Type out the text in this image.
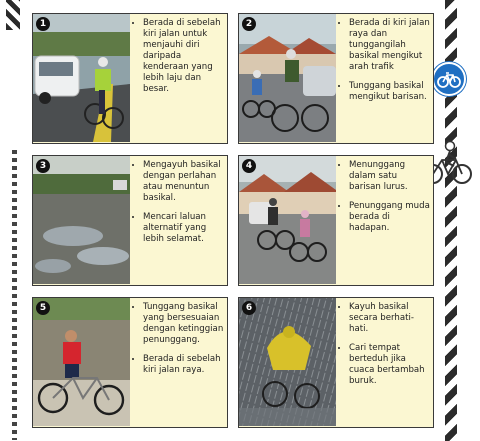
1	• Berada di sebelah kiri jalan untuk menjauhi diri daripada kenderaan yang lebih laju dan besar.
2	• Berada di kiri jalan raya dan tunggangilah basikal mengikut arah trafik
• Tunggang basikal mengikut barisan.
3	• Mengayuh basikal dengan perlahan atau menuntun basikal.
• Mencari laluan alternatif yang lebih selamat.
4	• Menunggang dalam satu barisan lurus.
• Penunggang muda berada di hadapan.
5	• Tunggang basikal yang bersesuaian dengan ketinggian penunggang.
• Berada di sebelah kiri jalan raya.
6	• Kayuh basikal secara berhati- hati.
• Cari tempat berteduh jika cuaca bertambah buruk.
